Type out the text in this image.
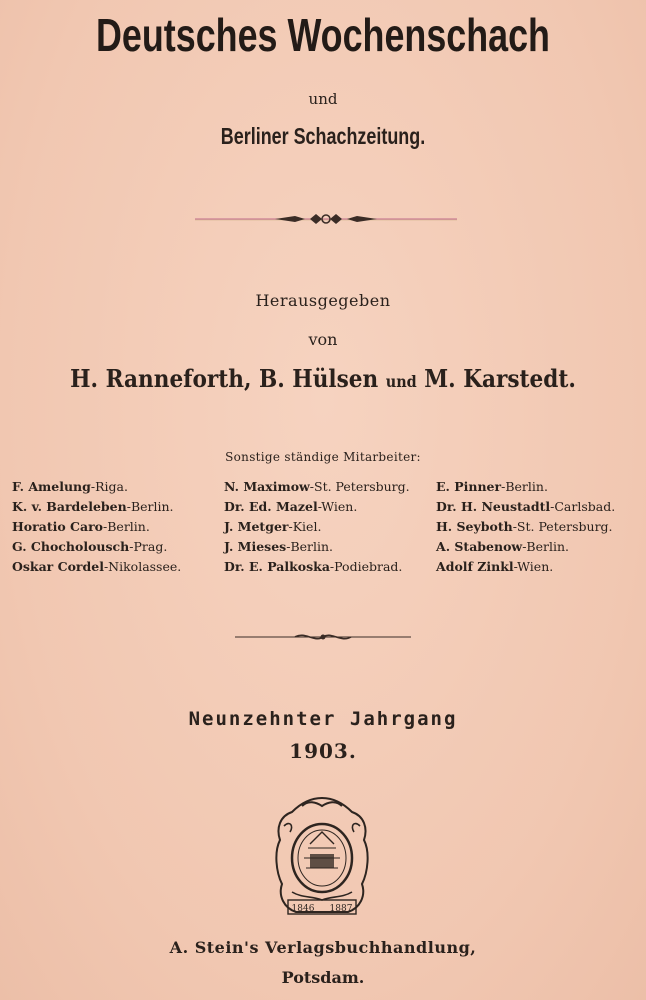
Deutsches Wochenschach
und
Berliner Schachzeitung.
Herausgegeben
von
H. Ranneforth, B. Hülsen und M. Karstedt.
Sonstige ständige Mitarbeiter:
F. Amelung-Riga.
K. v. Bardeleben-Berlin.
Horatio Caro-Berlin.
G. Chocholousch-Prag.
Oskar Cordel-Nikolassee.
N. Maximow-St. Petersburg.
Dr. Ed. Mazel-Wien.
J. Metger-Kiel.
J. Mieses-Berlin.
Dr. E. Palkoska-Podiebrad.
E. Pinner-Berlin.
Dr. H. Neustadtl-Carlsbad.
H. Seyboth-St. Petersburg.
A. Stabenow-Berlin.
Adolf Zinkl-Wien.
Neunzehnter Jahrgang
1903.
1846 1887
A. Stein's Verlagsbuchhandlung,
Potsdam.
